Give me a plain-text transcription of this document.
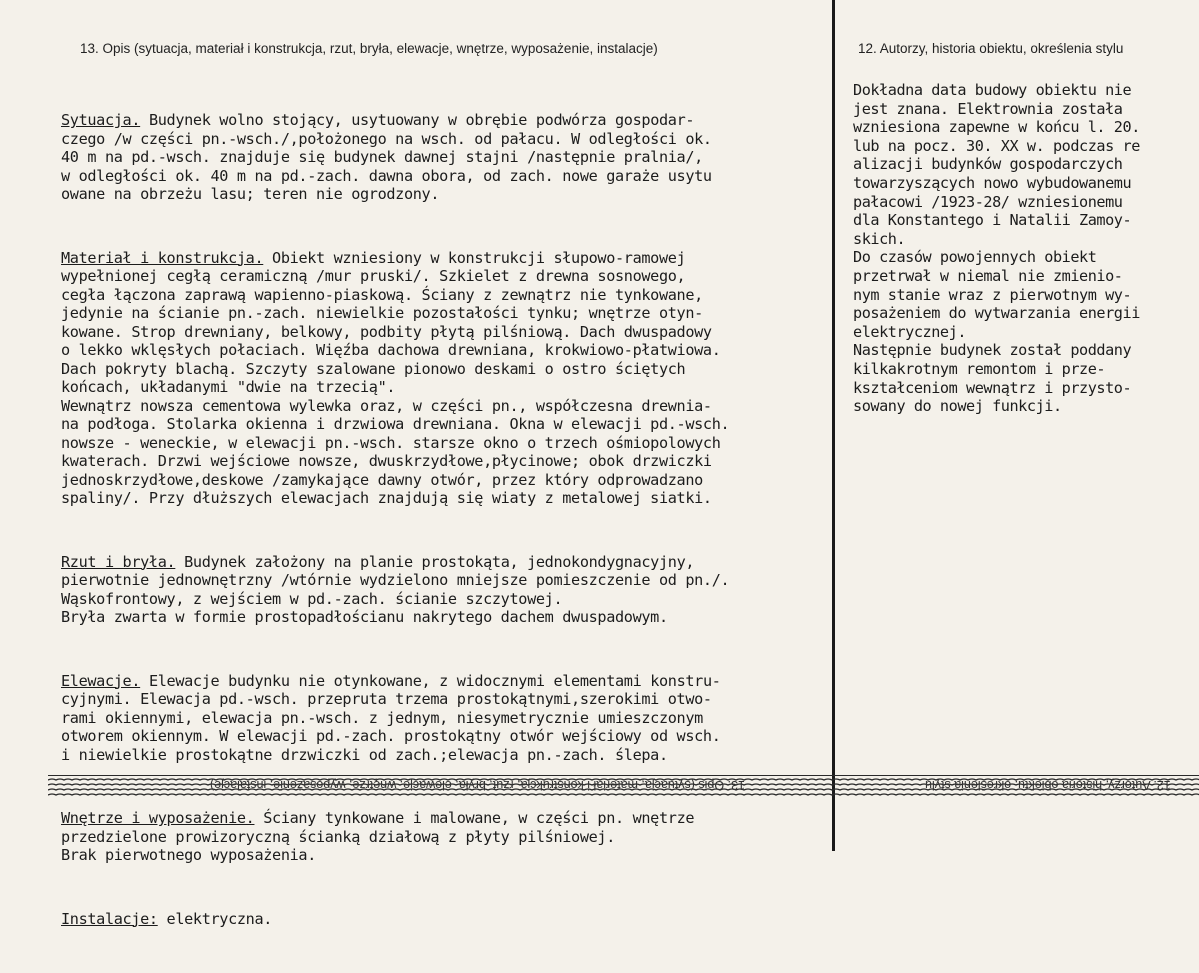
13. Opis (sytuacja, materiał i konstrukcja, rzut, bryła, elewacje, wnętrze, wyposażenie, instalacje)	12. Autorzy, historia obiektu, określenia stylu

Sytuacja. Budynek wolno stojący, usytuowany w obrębie podwórza gospodar-
czego /w części pn.-wsch./,położonego na wsch. od pałacu. W odległości ok.
40 m na pd.-wsch. znajduje się budynek dawnej stajni /następnie pralnia/,
w odległości ok. 40 m na pd.-zach. dawna obora, od zach. nowe garaże usytu
owane na obrzeżu lasu; teren nie ogrodzony.

Materiał i konstrukcja. Obiekt wzniesiony w konstrukcji słupowo-ramowej
wypełnionej cegłą ceramiczną /mur pruski/. Szkielet z drewna sosnowego,
cegła łączona zaprawą wapienno-piaskową. Ściany z zewnątrz nie tynkowane,
jedynie na ścianie pn.-zach. niewielkie pozostałości tynku; wnętrze otyn-
kowane. Strop drewniany, belkowy, podbity płytą pilśniową. Dach dwuspadowy
o lekko wklęsłych połaciach. Więźba dachowa drewniana, krokwiowo-płatwiowa.
Dach pokryty blachą. Szczyty szalowane pionowo deskami o ostro ściętych
końcach, układanymi "dwie na trzecią".
Wewnątrz nowsza cementowa wylewka oraz, w części pn., współczesna drewnia-
na podłoga. Stolarka okienna i drzwiowa drewniana. Okna w elewacji pd.-wsch.
nowsze - weneckie, w elewacji pn.-wsch. starsze okno o trzech ośmiopolowych
kwaterach. Drzwi wejściowe nowsze, dwuskrzydłowe,płycinowe; obok drzwiczki
jednoskrzydłowe,deskowe /zamykające dawny otwór, przez który odprowadzano
spaliny/. Przy dłuższych elewacjach znajdują się wiaty z metalowej siatki.

Rzut i bryła. Budynek założony na planie prostokąta, jednokondygnacyjny,
pierwotnie jednownętrzny /wtórnie wydzielono mniejsze pomieszczenie od pn./.
Wąskofrontowy, z wejściem w pd.-zach. ścianie szczytowej.
Bryła zwarta w formie prostopadłościanu nakrytego dachem dwuspadowym.

Elewacje. Elewacje budynku nie otynkowane, z widocznymi elementami konstru-
cyjnymi. Elewacja pd.-wsch. przepruta trzema prostokątnymi,szerokimi otwo-
rami okiennymi, elewacja pn.-wsch. z jednym, niesymetrycznie umieszczonym
otworem okiennym. W elewacji pd.-zach. prostokątny otwór wejściowy od wsch.
i niewielkie prostokątne drzwiczki od zach.;elewacja pn.-zach. ślepa.

Wnętrze i wyposażenie. Ściany tynkowane i malowane, w części pn. wnętrze
przedzielone prowizoryczną ścianką działową z płyty pilśniowej.
Brak pierwotnego wyposażenia.

Instalacje: elektryczna.

Dokładna data budowy obiektu nie
jest znana. Elektrownia została
wzniesiona zapewne w końcu l. 20.
lub na pocz. 30. XX w. podczas re
alizacji budynków gospodarczych
towarzyszących nowo wybudowanemu
pałacowi /1923-28/ wzniesionemu
dla Konstantego i Natalii Zamoy-
skich.
Do czasów powojennych obiekt
przetrwał w niemal nie zmienio-
nym stanie wraz z pierwotnym wy-
posażeniem do wytwarzania energii
elektrycznej.
Następnie budynek został poddany
kilkakrotnym remontom i prze-
kształceniom wewnątrz i przysto-
sowany do nowej funkcji.
13. Opis (sytuacja, materiał i konstrukcja, rzut, bryła, elewacje, wnętrze, wyposażenie, instalacje)	12. Autorzy, historia obiektu, określenia stylu
